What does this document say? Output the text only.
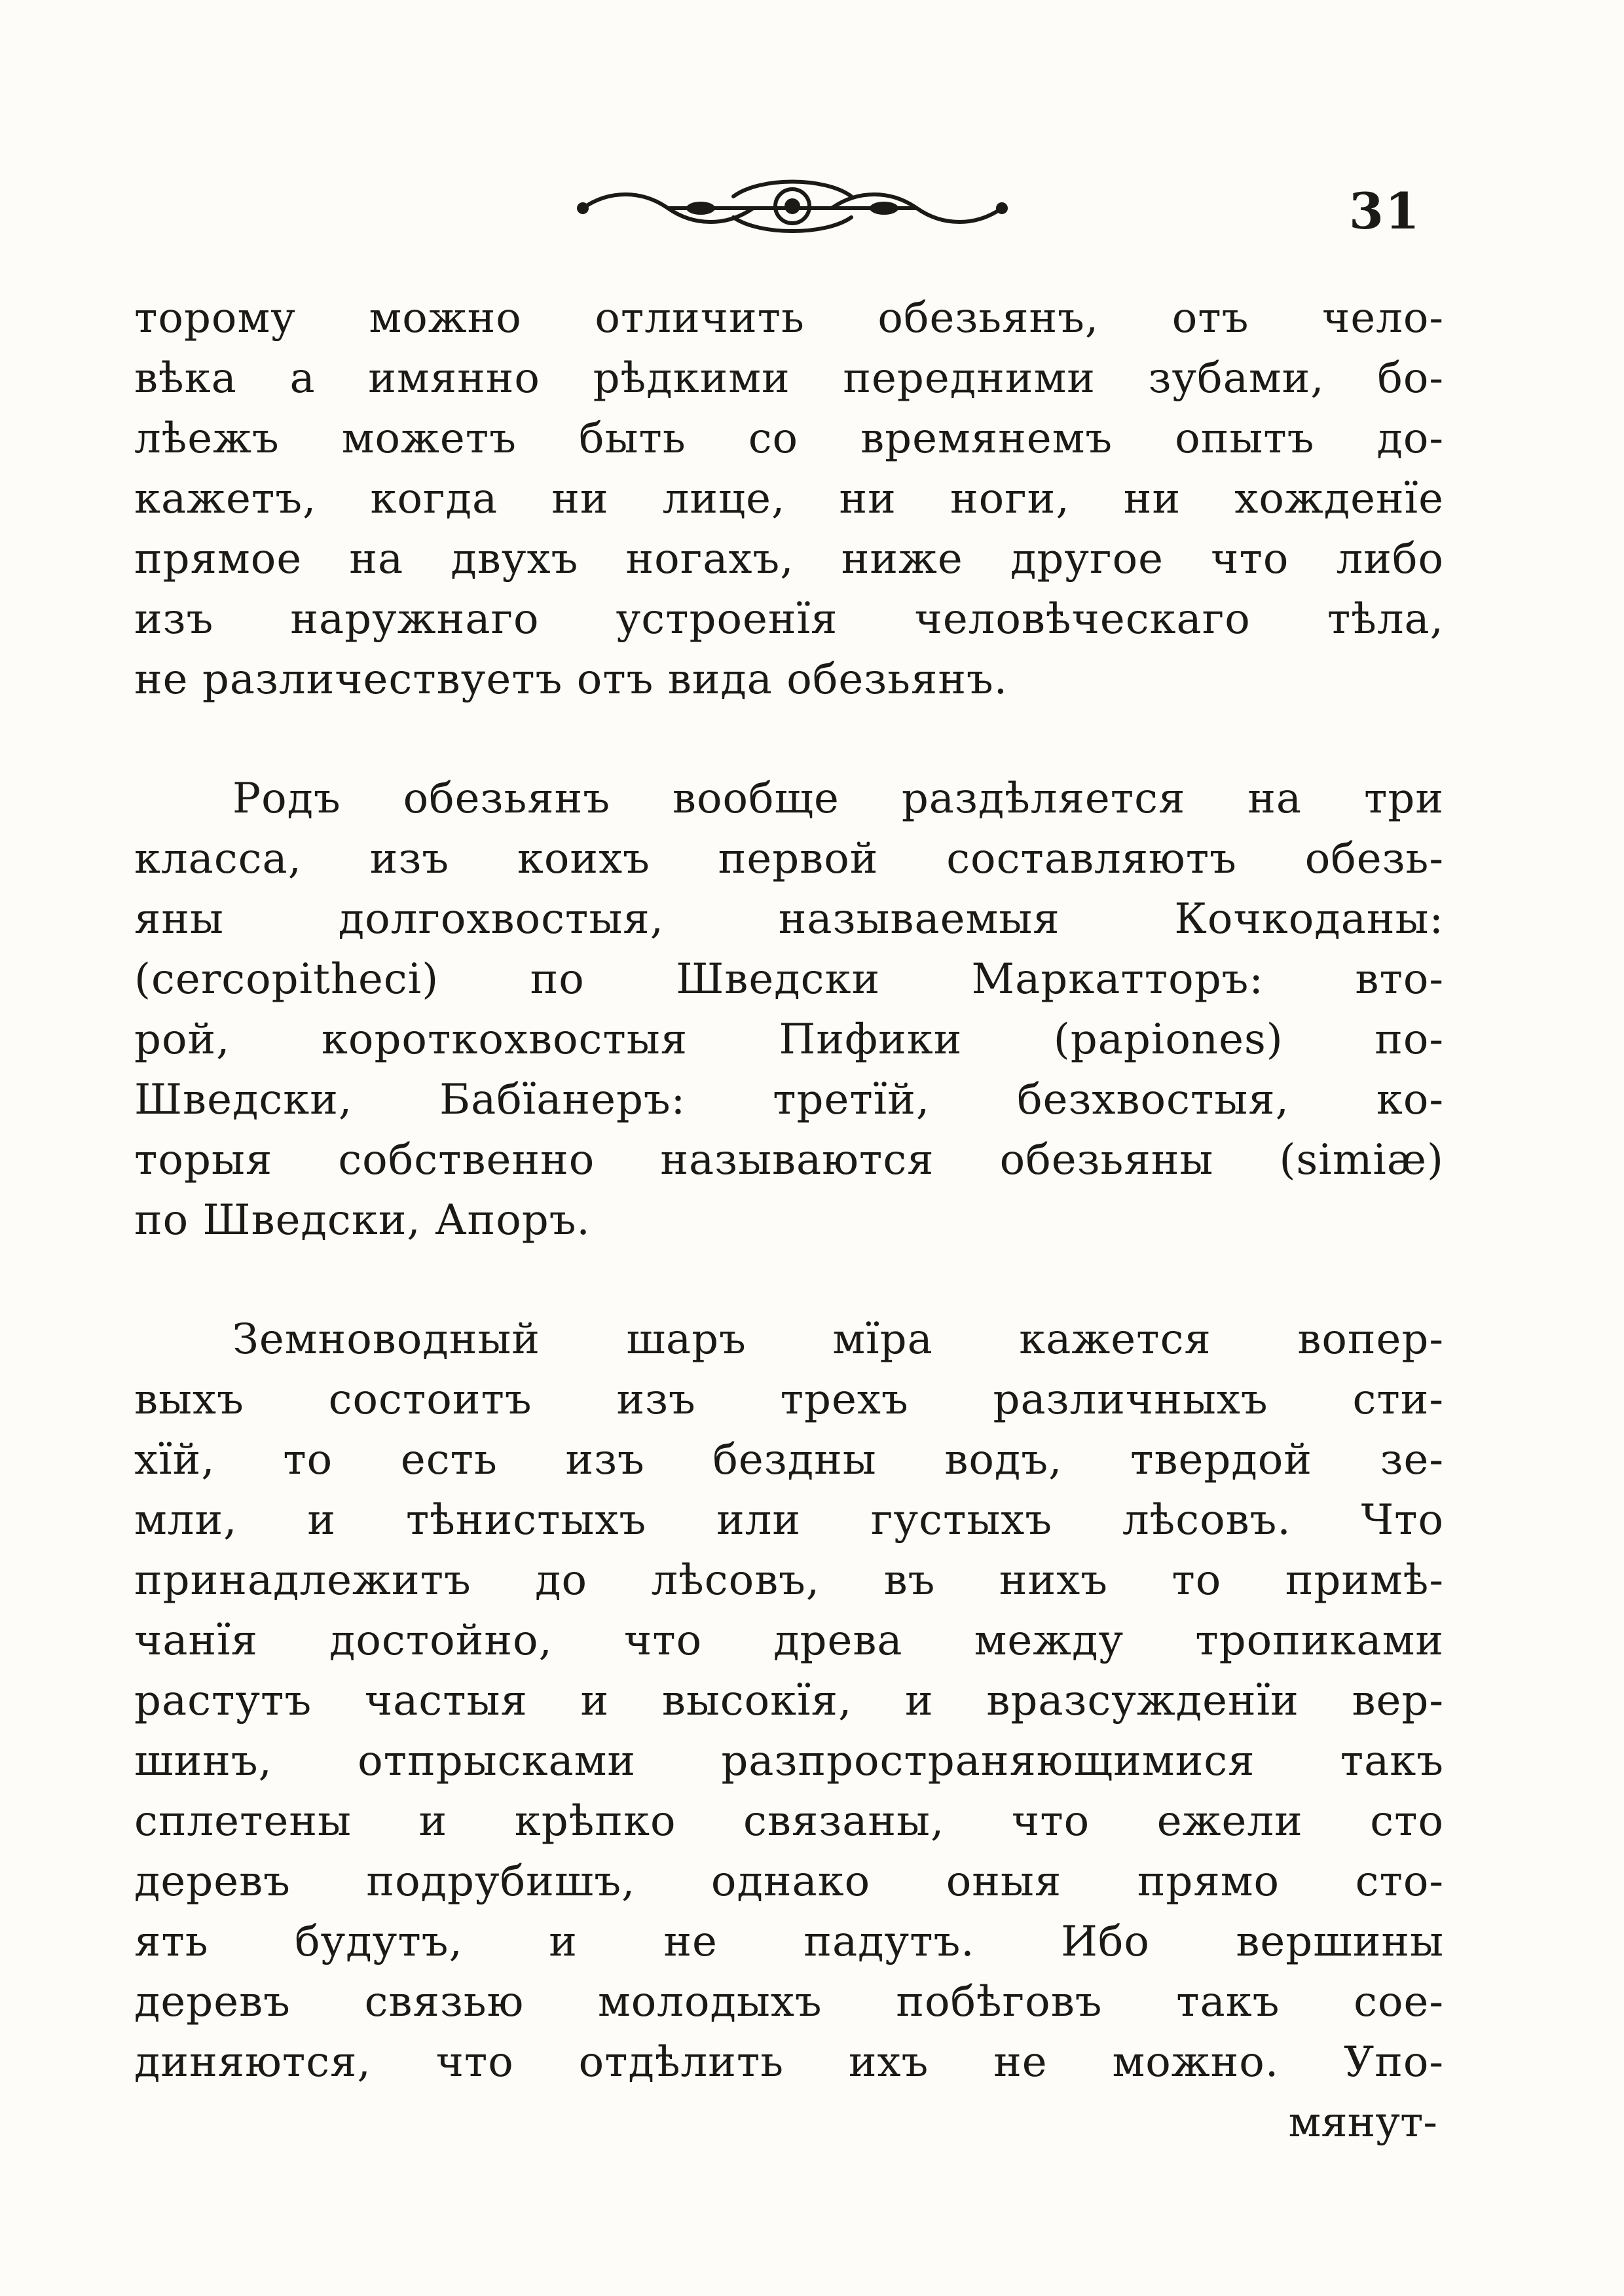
31
торому можно отличить обезьянъ, отъ чело-
вѣка а имянно рѣдкими передними зубами, бо-
лѣежъ можетъ быть со времянемъ опытъ до-
кажетъ, когда ни лице, ни ноги, ни хожденїе
прямое на двухъ ногахъ, ниже другое что либо
изъ наружнаго устроенїя человѣческаго тѣла,
не различествуетъ отъ вида обезьянъ.
Родъ обезьянъ вообще раздѣляется на три
класса, изъ коихъ первой составляютъ обезь-
яны долгохвостыя, называемыя Кочкоданы:
(cercopitheci) по Шведски Маркатторъ: вто-
рой, короткохвостыя Пифики (papiones) по-
Шведски, Бабїанеръ: третїй, безхвостыя, ко-
торыя собственно называются обезьяны (simiæ)
по Шведски, Апоръ.
Земноводный шаръ мїра кажется вопер-
выхъ состоитъ изъ трехъ различныхъ сти-
хїй, то есть изъ бездны водъ, твердой зе-
мли, и тѣнистыхъ или густыхъ лѣсовъ. Что
принадлежитъ до лѣсовъ, въ нихъ то примѣ-
чанїя достойно, что древа между тропиками
растутъ частыя и высокїя, и вразсужденїи вер-
шинъ, отпрысками разпространяющимися такъ
сплетены и крѣпко связаны, что ежели сто
деревъ подрубишъ, однако оныя прямо сто-
ять будутъ, и не падутъ. Ибо вершины
деревъ связью молодыхъ побѣговъ такъ сое-
диняются, что отдѣлить ихъ не можно. Упо-
мянут-
